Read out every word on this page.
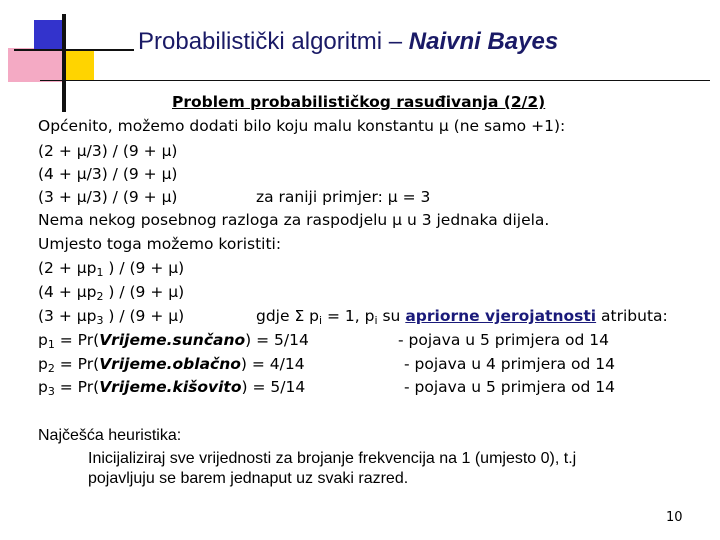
Probabilistički algoritmi – Naivni Bayes
Problem probabilističkog rasuđivanja (2/2)
Općenito, možemo dodati bilo koju malu konstantu μ (ne samo +1):
(2 + μ/3) / (9 + μ)
(4 + μ/3) / (9 + μ)
(3 + μ/3) / (9 + μ)	za raniji primjer: μ = 3
Nema nekog posebnog razloga za raspodjelu μ u 3 jednaka dijela.
Umjesto toga možemo koristiti:
($2 + \mu p_1$ ) / (9 + μ)
($4 + \mu p_2$ ) / (9 + μ)
($3 + \mu p_3$ ) / (9 + μ)	gdje Σ $p_i = 1$, $p_i$ su apriorne vjerojatnosti atributa:
$p_1$ = Pr(Vrijeme.sunčano) = 5/14	- pojava u 5 primjera od 14
$p_2$ = Pr(Vrijeme.oblačno) = 4/14	- pojava u 4 primjera od 14
$p_3$ = Pr(Vrijeme.kišovito) = 5/14	- pojava u 5 primjera od 14
Najčešća heuristika:
Inicijaliziraj sve vrijednosti za brojanje frekvencija na 1 (umjesto 0), t.j
pojavljuju se barem jednaput uz svaki razred.
10
